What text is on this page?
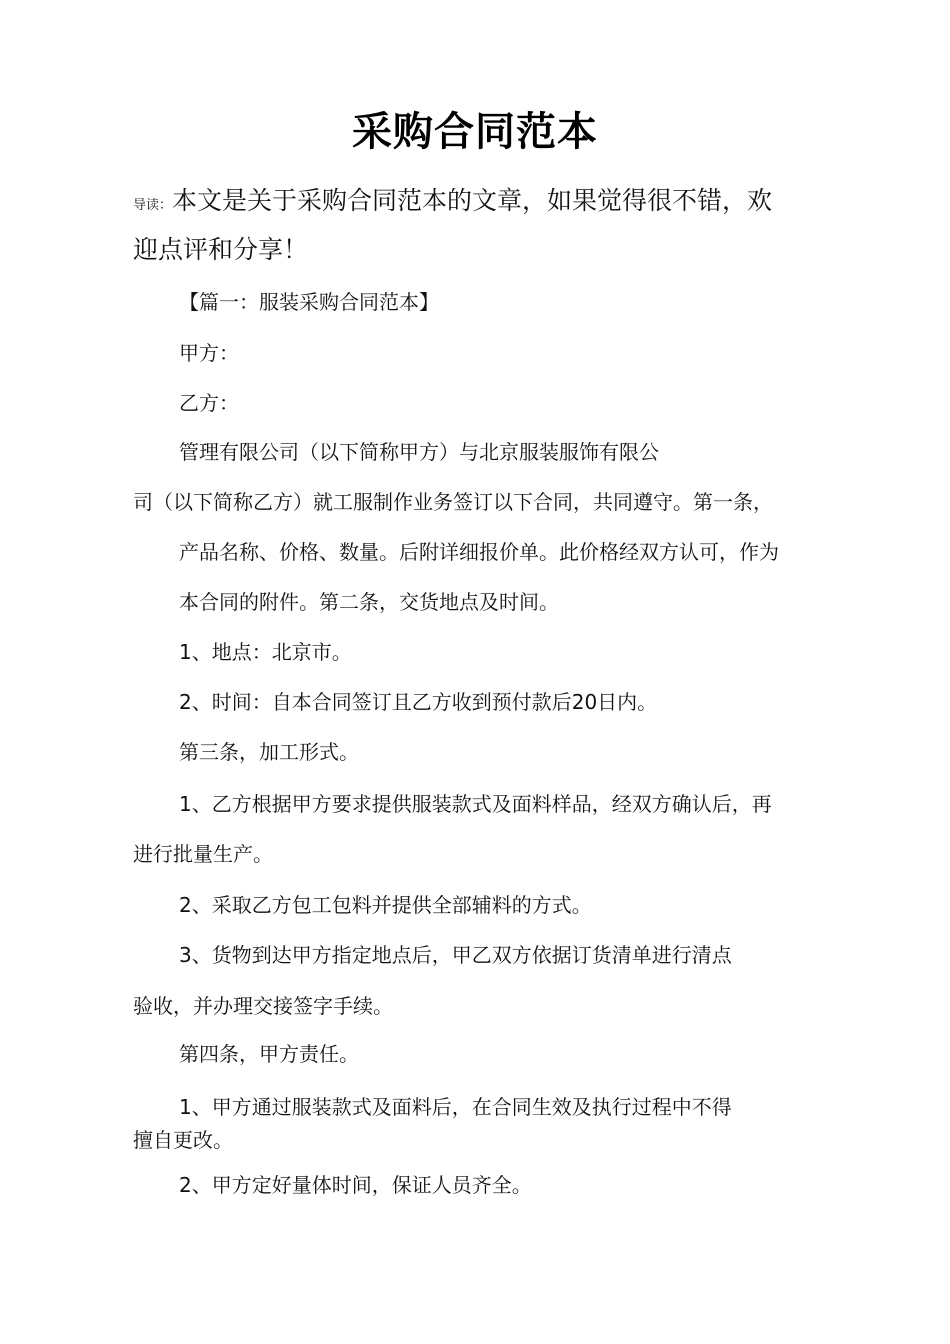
采购合同范本
导读：本文是关于采购合同范本的文章，如果觉得很不错，欢
迎点评和分享！
【篇一：服装采购合同范本】
甲方：
乙方：
管理有限公司（以下简称甲方）与北京服装服饰有限公
司（以下简称乙方）就工服制作业务签订以下合同，共同遵守。第一条，
产品名称、价格、数量。后附详细报价单。此价格经双方认可，作为
本合同的附件。第二条，交货地点及时间。
1、地点：北京市。
2、时间：自本合同签订且乙方收到预付款后20日内。
第三条，加工形式。
1、乙方根据甲方要求提供服装款式及面料样品，经双方确认后，再
进行批量生产。
2、采取乙方包工包料并提供全部辅料的方式。
3、货物到达甲方指定地点后，甲乙双方依据订货清单进行清点
验收，并办理交接签字手续。
第四条，甲方责任。
1、甲方通过服装款式及面料后，在合同生效及执行过程中不得
擅自更改。
2、甲方定好量体时间，保证人员齐全。
